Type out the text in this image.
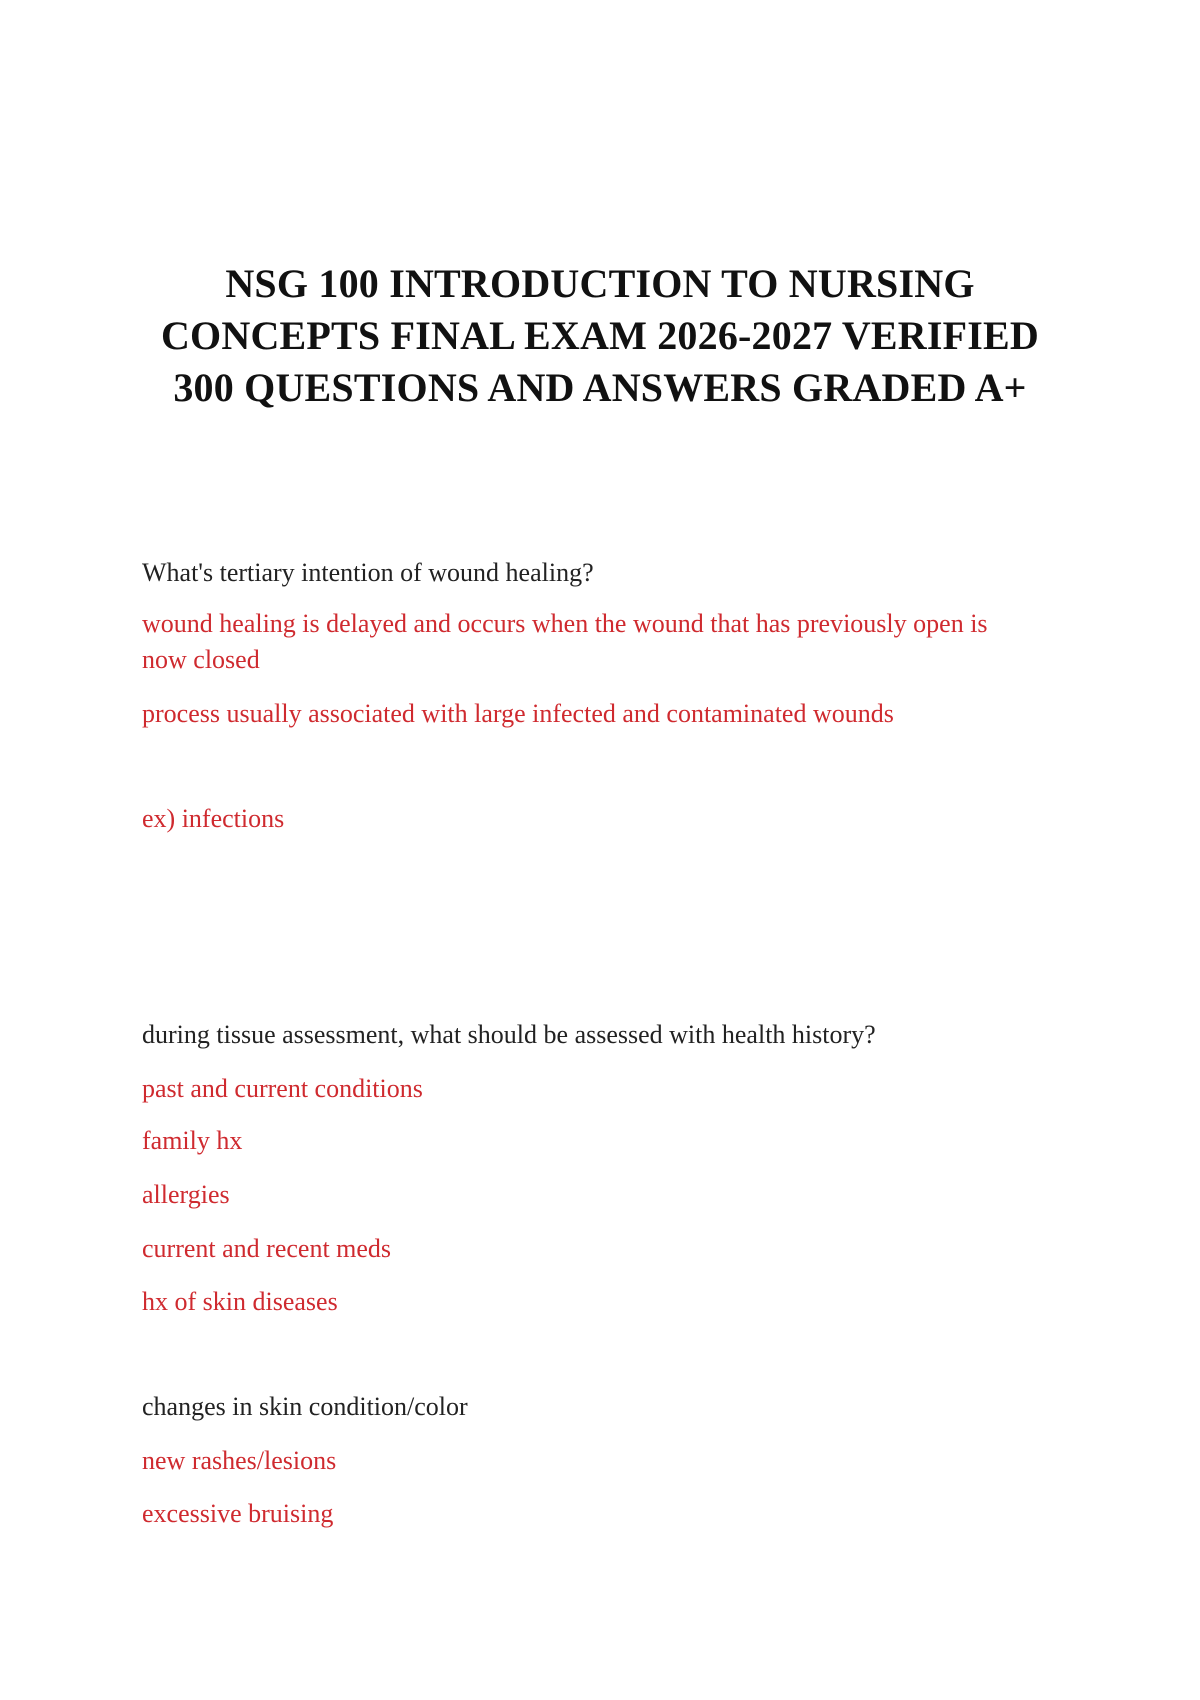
NSG 100 INTRODUCTION TO NURSING
CONCEPTS FINAL EXAM 2026-2027 VERIFIED
300 QUESTIONS AND ANSWERS GRADED A+
What's tertiary intention of wound healing?
wound healing is delayed and occurs when the wound that has previously open is
now closed
process usually associated with large infected and contaminated wounds
ex) infections
during tissue assessment, what should be assessed with health history?
past and current conditions
family hx
allergies
current and recent meds
hx of skin diseases
changes in skin condition/color
new rashes/lesions
excessive bruising
